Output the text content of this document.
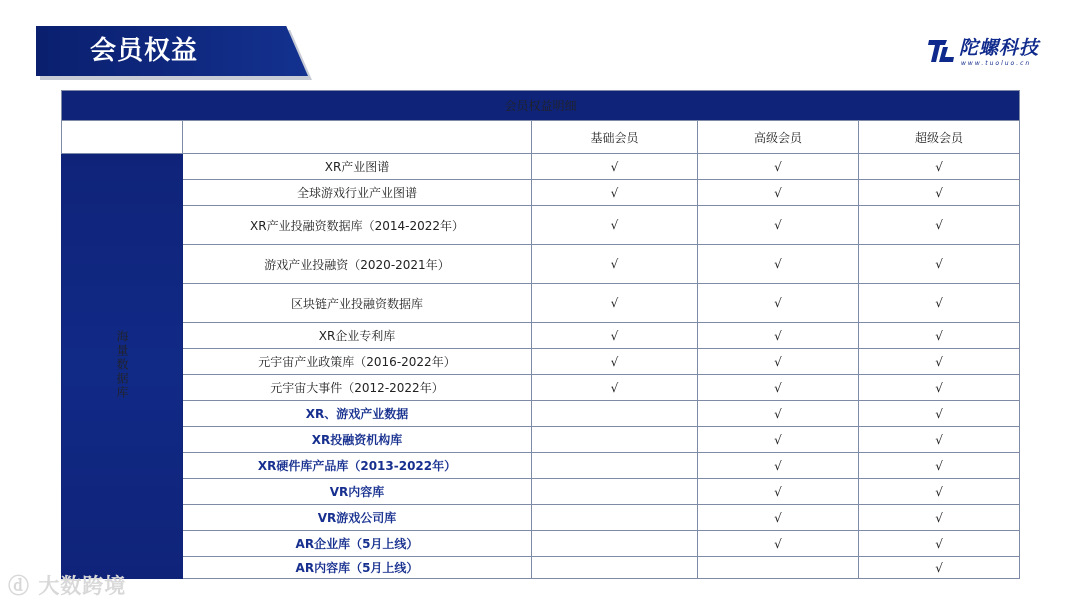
会员权益	陀螺科技
www.tuoluo.cn
会员权益明细				
		基础会员	高级会员	超级会员
海量数据库	XR产业图谱	√	√	√
	全球游戏行业产业图谱	√	√	√
	XR产业投融资数据库（2014-2022年）	√	√	√
	游戏产业投融资（2020-2021年）	√	√	√
	区块链产业投融资数据库	√	√	√
	XR企业专利库	√	√	√
	元宇宙产业政策库（2016-2022年）	√	√	√
	元宇宙大事件（2012-2022年）	√	√	√
	XR、游戏产业数据		√	√
	XR投融资机构库		√	√
	XR硬件库产品库（2013-2022年）		√	√
	VR内容库		√	√
	VR游戏公司库		√	√
	AR企业库（5月上线）		√	√
	AR内容库（5月上线）			√
ⓓ 大数跨境
